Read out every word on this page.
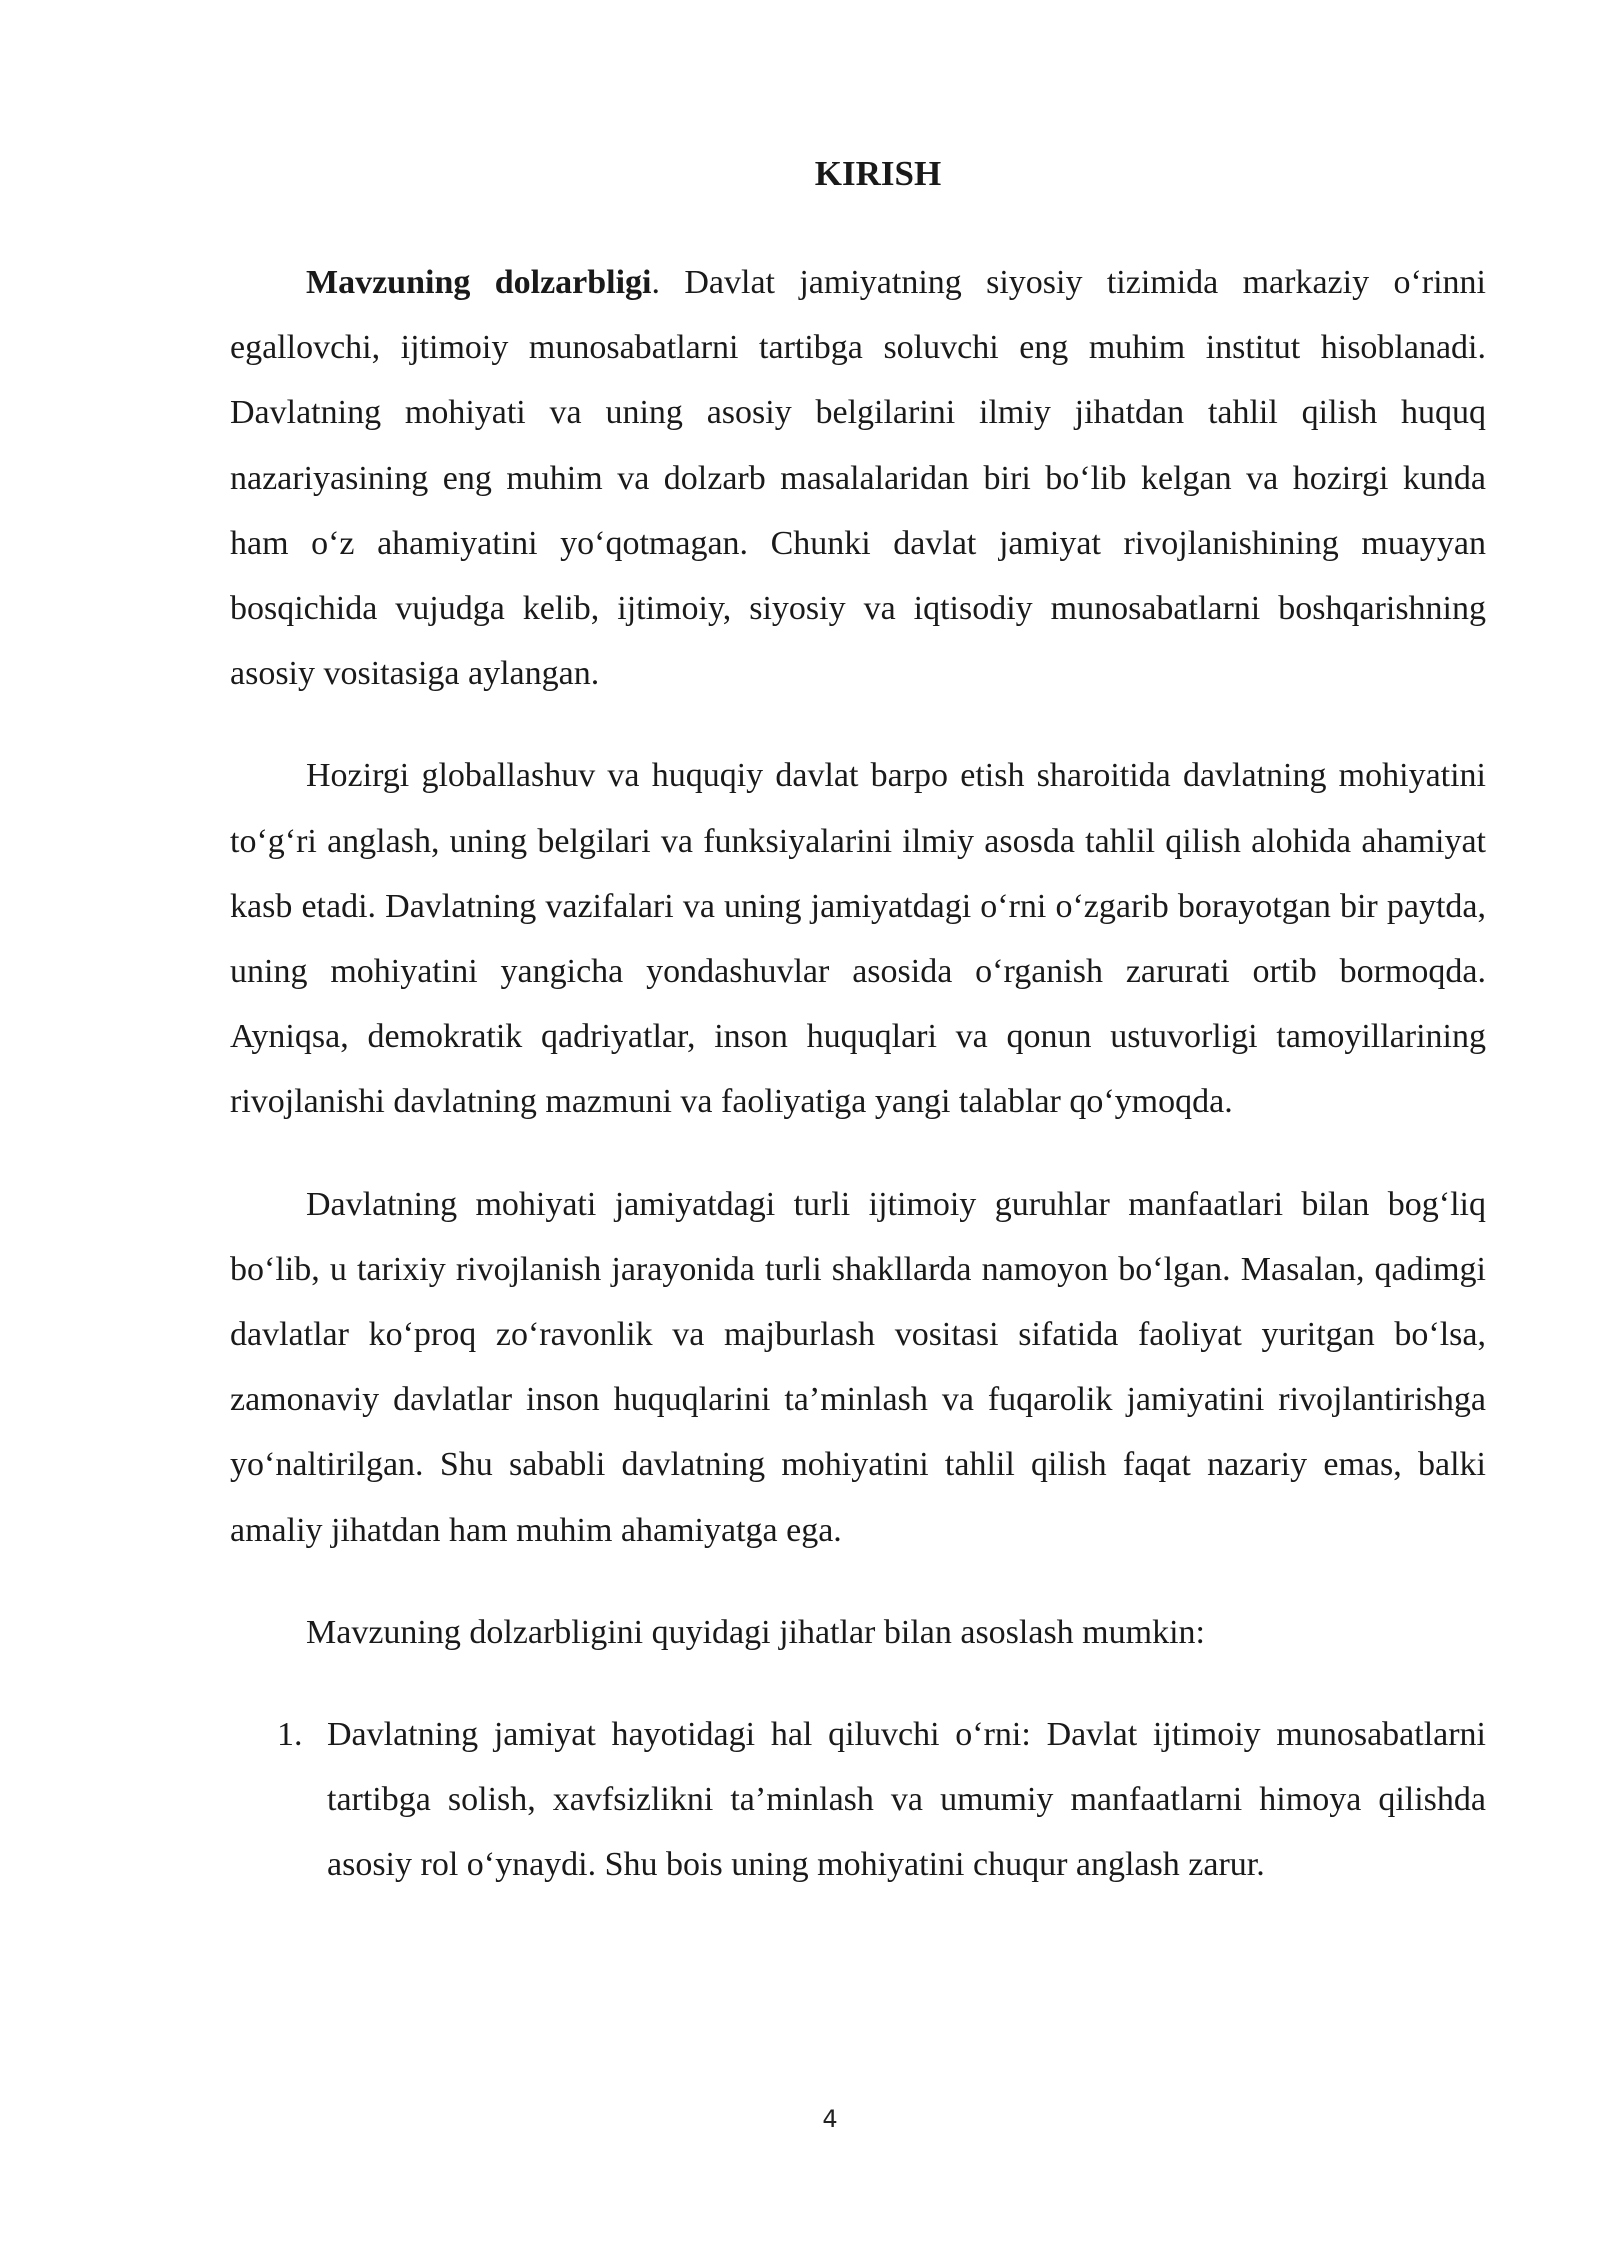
KIRISH

Mavzuning dolzarbligi. Davlat jamiyatning siyosiy tizimida markaziy o‘rinni egallovchi, ijtimoiy munosabatlarni tartibga soluvchi eng muhim institut hisoblanadi. Davlatning mohiyati va uning asosiy belgilarini ilmiy jihatdan tahlil qilish huquq nazariyasining eng muhim va dolzarb masalalaridan biri bo‘lib kelgan va hozirgi kunda ham o‘z ahamiyatini yo‘qotmagan. Chunki davlat jamiyat rivojlanishining muayyan bosqichida vujudga kelib, ijtimoiy, siyosiy va iqtisodiy munosabatlarni boshqarishning asosiy vositasiga aylangan.

Hozirgi globallashuv va huquqiy davlat barpo etish sharoitida davlatning mohiyatini to‘g‘ri anglash, uning belgilari va funksiyalarini ilmiy asosda tahlil qilish alohida ahamiyat kasb etadi. Davlatning vazifalari va uning jamiyatdagi o‘rni o‘zgarib borayotgan bir paytda, uning mohiyatini yangicha yondashuvlar asosida o‘rganish zarurati ortib bormoqda. Ayniqsa, demokratik qadriyatlar, inson huquqlari va qonun ustuvorligi tamoyillarining rivojlanishi davlatning mazmuni va faoliyatiga yangi talablar qo‘ymoqda.

Davlatning mohiyati jamiyatdagi turli ijtimoiy guruhlar manfaatlari bilan bog‘liq bo‘lib, u tarixiy rivojlanish jarayonida turli shakllarda namoyon bo‘lgan. Masalan, qadimgi davlatlar ko‘proq zo‘ravonlik va majburlash vositasi sifatida faoliyat yuritgan bo‘lsa, zamonaviy davlatlar inson huquqlarini ta’minlash va fuqarolik jamiyatini rivojlantirishga yo‘naltirilgan. Shu sababli davlatning mohiyatini tahlil qilish faqat nazariy emas, balki amaliy jihatdan ham muhim ahamiyatga ega.

Mavzuning dolzarbligini quyidagi jihatlar bilan asoslash mumkin:

1. Davlatning jamiyat hayotidagi hal qiluvchi o‘rni: Davlat ijtimoiy munosabatlarni tartibga solish, xavfsizlikni ta’minlash va umumiy manfaatlarni himoya qilishda asosiy rol o‘ynaydi. Shu bois uning mohiyatini chuqur anglash zarur.
4
